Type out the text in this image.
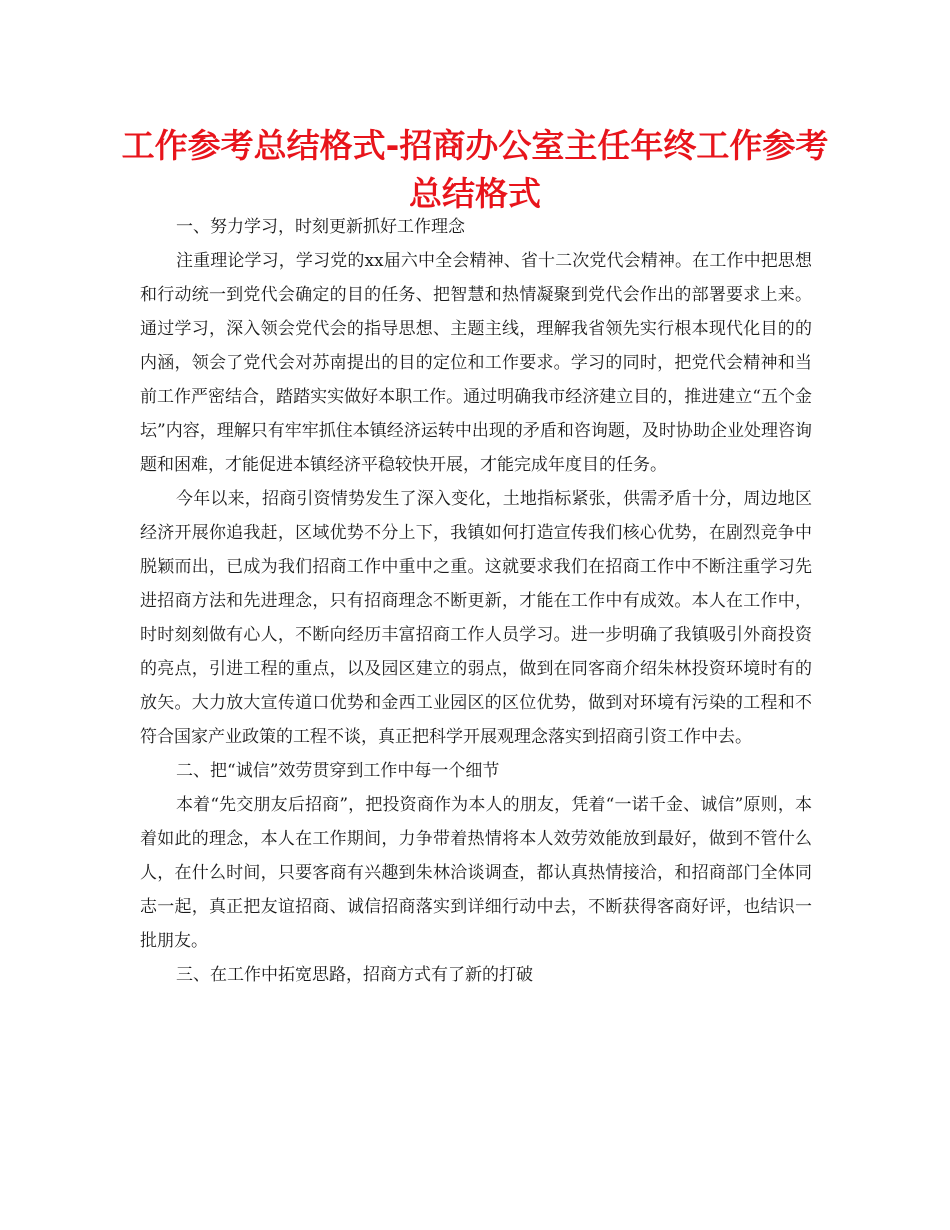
工作参考总结格式-招商办公室主任年终工作参考
总结格式

一、努力学习，时刻更新抓好工作理念

注重理论学习，学习党的xx届六中全会精神、省十二次党代会精神。在工作中把思想和行动统一到党代会确定的目的任务、把智慧和热情凝聚到党代会作出的部署要求上来。通过学习，深入领会党代会的指导思想、主题主线，理解我省领先实行根本现代化目的的内涵，领会了党代会对苏南提出的目的定位和工作要求。学习的同时，把党代会精神和当前工作严密结合，踏踏实实做好本职工作。通过明确我市经济建立目的，推进建立“五个金坛”内容，理解只有牢牢抓住本镇经济运转中出现的矛盾和咨询题，及时协助企业处理咨询题和困难，才能促进本镇经济平稳较快开展，才能完成年度目的任务。

今年以来，招商引资情势发生了深入变化，土地指标紧张，供需矛盾十分，周边地区经济开展你追我赶，区域优势不分上下，我镇如何打造宣传我们核心优势，在剧烈竞争中脱颖而出，已成为我们招商工作中重中之重。这就要求我们在招商工作中不断注重学习先进招商方法和先进理念，只有招商理念不断更新，才能在工作中有成效。本人在工作中，时时刻刻做有心人，不断向经历丰富招商工作人员学习。进一步明确了我镇吸引外商投资的亮点，引进工程的重点，以及园区建立的弱点，做到在同客商介绍朱林投资环境时有的放矢。大力放大宣传道口优势和金西工业园区的区位优势，做到对环境有污染的工程和不符合国家产业政策的工程不谈，真正把科学开展观理念落实到招商引资工作中去。

二、把“诚信”效劳贯穿到工作中每一个细节

本着“先交朋友后招商”，把投资商作为本人的朋友，凭着“一诺千金、诚信”原则，本着如此的理念，本人在工作期间，力争带着热情将本人效劳效能放到最好，做到不管什么人，在什么时间，只要客商有兴趣到朱林洽谈调查，都认真热情接洽，和招商部门全体同志一起，真正把友谊招商、诚信招商落实到详细行动中去，不断获得客商好评，也结识一批朋友。

三、在工作中拓宽思路，招商方式有了新的打破
